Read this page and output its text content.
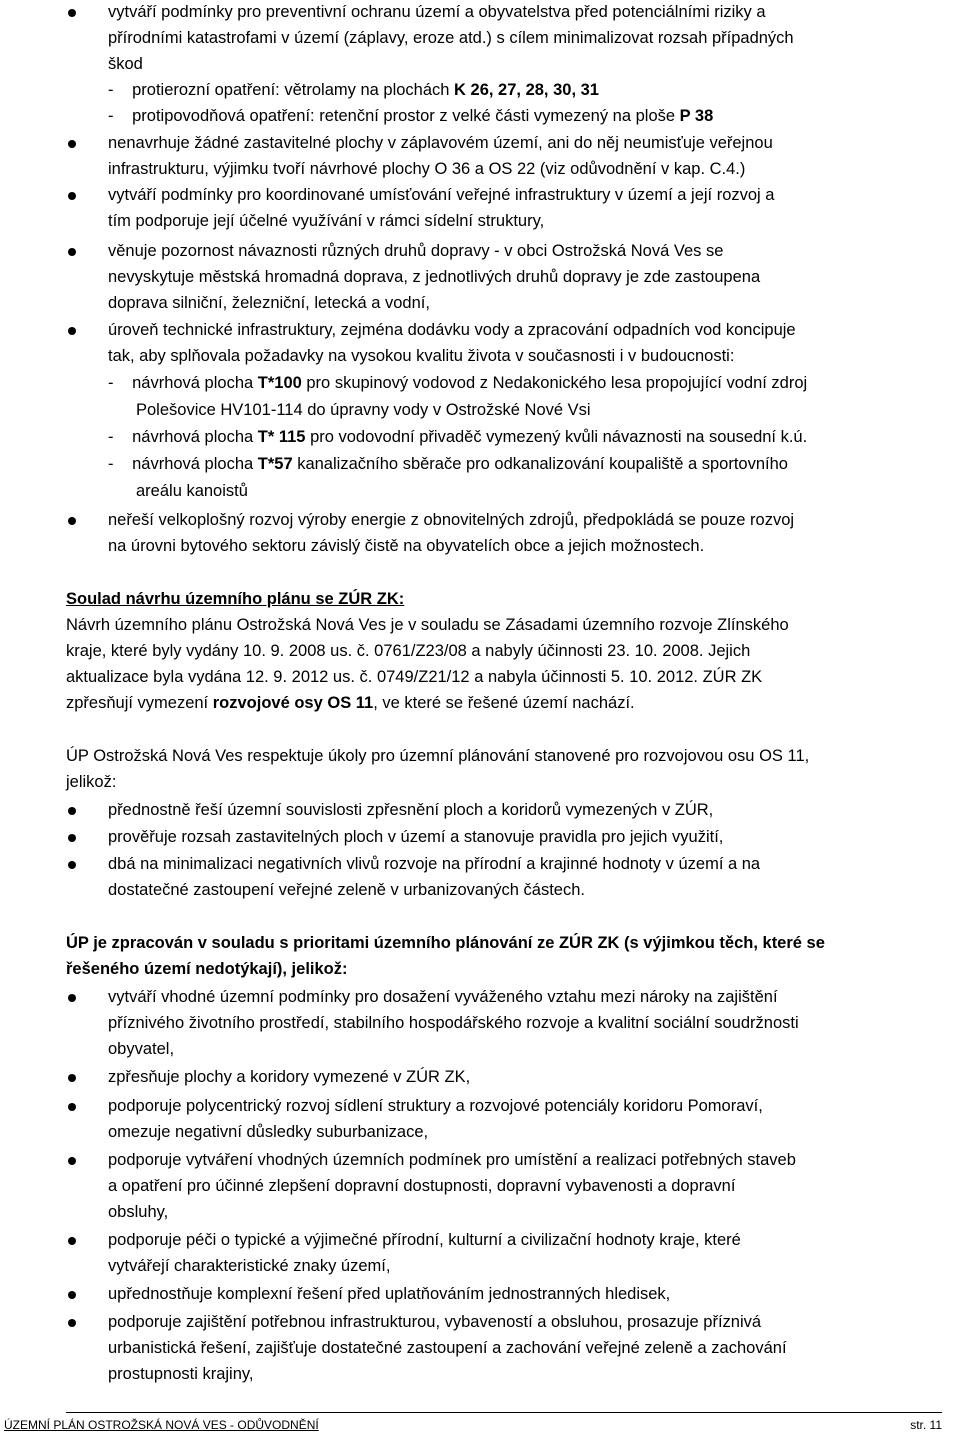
vytváří podmínky pro preventivní ochranu území a obyvatelstva před potenciálními riziky a
přírodními katastrofami v území (záplavy, eroze atd.) s cílem minimalizovat rozsah případných
škod
- protierozní opatření: větrolamy na plochách K 26, 27, 28, 30, 31
- protipovodňová opatření: retenční prostor z velké části vymezený na ploše P 38
nenavrhuje žádné zastavitelné plochy v záplavovém území, ani do něj neumisťuje veřejnou
infrastrukturu, výjimku tvoří návrhové plochy O 36 a OS 22 (viz odůvodnění v kap. C.4.)
vytváří podmínky pro koordinované umísťování veřejné infrastruktury v území a její rozvoj a
tím podporuje její účelné využívání v rámci sídelní struktury,
věnuje pozornost návaznosti různých druhů dopravy - v obci Ostrožská Nová Ves se
nevyskytuje městská hromadná doprava, z jednotlivých druhů dopravy je zde zastoupena
doprava silniční, železniční, letecká a vodní,
úroveň technické infrastruktury, zejména dodávku vody a zpracování odpadních vod koncipuje
tak, aby splňovala požadavky na vysokou kvalitu života v současnosti i v budoucnosti:
- návrhová plocha T*100 pro skupinový vodovod z Nedakonického lesa propojující vodní zdroj
Polešovice HV101-114 do úpravny vody v Ostrožské Nové Vsi
- návrhová plocha T* 115 pro vodovodní přivaděč vymezený kvůli návaznosti na sousední k.ú.
- návrhová plocha T*57 kanalizačního sběrače pro odkanalizování koupaliště a sportovního
areálu kanoistů
neřeší velkoplošný rozvoj výroby energie z obnovitelných zdrojů, předpokládá se pouze rozvoj
na úrovni bytového sektoru závislý čistě na obyvatelích obce a jejich možnostech.
Soulad návrhu územního plánu se ZÚR ZK:
Návrh územního plánu Ostrožská Nová Ves je v souladu se Zásadami územního rozvoje Zlínského
kraje, které byly vydány 10. 9. 2008 us. č. 0761/Z23/08 a nabyly účinnosti 23. 10. 2008. Jejich
aktualizace byla vydána 12. 9. 2012 us. č. 0749/Z21/12 a nabyla účinnosti 5. 10. 2012. ZÚR ZK
zpřesňují vymezení rozvojové osy OS 11, ve které se řešené území nachází.
ÚP Ostrožská Nová Ves respektuje úkoly pro územní plánování stanovené pro rozvojovou osu OS 11,
jelikož:
přednostně řeší územní souvislosti zpřesnění ploch a koridorů vymezených v ZÚR,
prověřuje rozsah zastavitelných ploch v území a stanovuje pravidla pro jejich využití,
dbá na minimalizaci negativních vlivů rozvoje na přírodní a krajinné hodnoty v území a na
dostatečné zastoupení veřejné zeleně v urbanizovaných částech.
ÚP je zpracován v souladu s prioritami územního plánování ze ZÚR ZK (s výjimkou těch, které se
řešeného území nedotýkají), jelikož:
vytváří vhodné územní podmínky pro dosažení vyváženého vztahu mezi nároky na zajištění
příznivého životního prostředí, stabilního hospodářského rozvoje a kvalitní sociální soudržnosti
obyvatel,
zpřesňuje plochy a koridory vymezené v ZÚR ZK,
podporuje polycentrický rozvoj sídlení struktury a rozvojové potenciály koridoru Pomoraví,
omezuje negativní důsledky suburbanizace,
podporuje vytváření vhodných územních podmínek pro umístění a realizaci potřebných staveb
a opatření pro účinné zlepšení dopravní dostupnosti, dopravní vybavenosti a dopravní
obsluhy,
podporuje péči o typické a výjimečné přírodní, kulturní a civilizační hodnoty kraje, které
vytvářejí charakteristické znaky území,
upřednostňuje komplexní řešení před uplatňováním jednostranných hledisek,
podporuje zajištění potřebnou infrastrukturou, vybaveností a obsluhou, prosazuje příznivá
urbanistická řešení, zajišťuje dostatečné zastoupení a zachování veřejné zeleně a zachování
prostupnosti krajiny,
ÚZEMNÍ PLÁN OSTROŽSKÁ NOVÁ VES - ODŮVODNĚNÍ	str. 11
